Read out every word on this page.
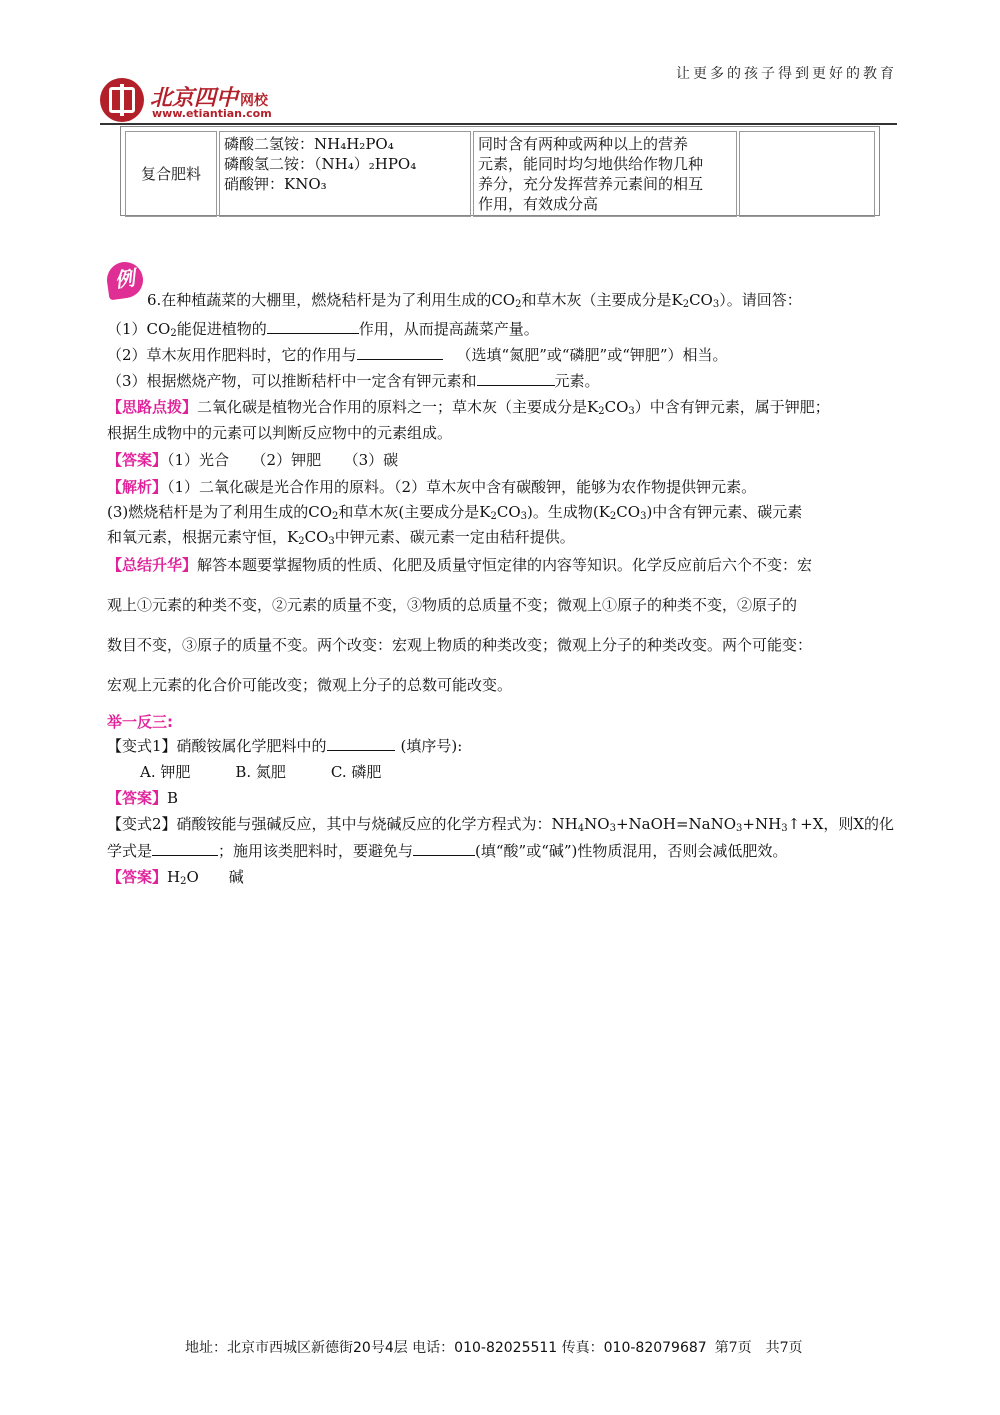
让更多的孩子得到更好的教育
北京四中 网校
www.etiantian.com
复合肥料	
磷酸二氢铵：NH₄H₂PO₄
磷酸氢二铵：（NH₄）₂HPO₄
硝酸钾：KNO₃

同时含有两种或两种以上的营养
元素，能同时均匀地供给作物几种
养分，充分发挥营养元素间的相互
作用，有效成分高

例
6.在种植蔬菜的大棚里，燃烧秸杆是为了利用生成的$CO_2$和草木灰（主要成分是$K_2CO_3$）。请回答：
$(1)CO_2$能促进植物的	作用，从而提高蔬菜产量。
（2）草木灰用作肥料时，它的作用与	（选填“氮肥”或“磷肥”或“钾肥”）相当。
（3）根据燃烧产物，可以推断秸杆中一定含有钾元素和	元素。
【思路点拨】二氧化碳是植物光合作用的原料之一；草木灰（主要成分是$K_2CO_3$）中含有钾元素，属于钾肥；
根据生成物中的元素可以判断反应物中的元素组成。
【答案】（1）光合　　（2）钾肥　　（3）碳
【解析】（1）二氧化碳是光合作用的原料。（2）草木灰中含有碳酸钾，能够为农作物提供钾元素。
(3)燃烧秸杆是为了利用生成的$CO_2$和草木灰(主要成分是$K_2CO_3$)。生成物$(K_2CO_3)$中含有钾元素、碳元素
和氧元素，根据元素守恒，$K_2CO_3$中钾元素、碳元素一定由秸秆提供。
【总结升华】解答本题要掌握物质的性质、化肥及质量守恒定律的内容等知识。化学反应前后六个不变：宏
观上①元素的种类不变，②元素的质量不变，③物质的总质量不变；微观上①原子的种类不变，②原子的
数目不变，③原子的质量不变。两个改变：宏观上物质的种类改变；微观上分子的种类改变。两个可能变：
宏观上元素的化合价可能改变；微观上分子的总数可能改变。
举一反三:
【变式1】硝酸铵属化学肥料中的	(填序号):
A. 钾肥　　　B. 氮肥　　　C. 磷肥
【答案】B
【变式2】硝酸铵能与强碱反应，其中与烧碱反应的化学方程式为：$NH_4NO_3+NaOH=NaNO_3+NH_3↑+X$，则X的化
学式是	；施用该类肥料时，要避免与	(填“酸”或“碱”)性物质混用，否则会减低肥效。
【答案】$H_2O$　　碱
地址：北京市西城区新德街20号4层 电话：010-82025511 传真：010-82079687 第7页　共7页
